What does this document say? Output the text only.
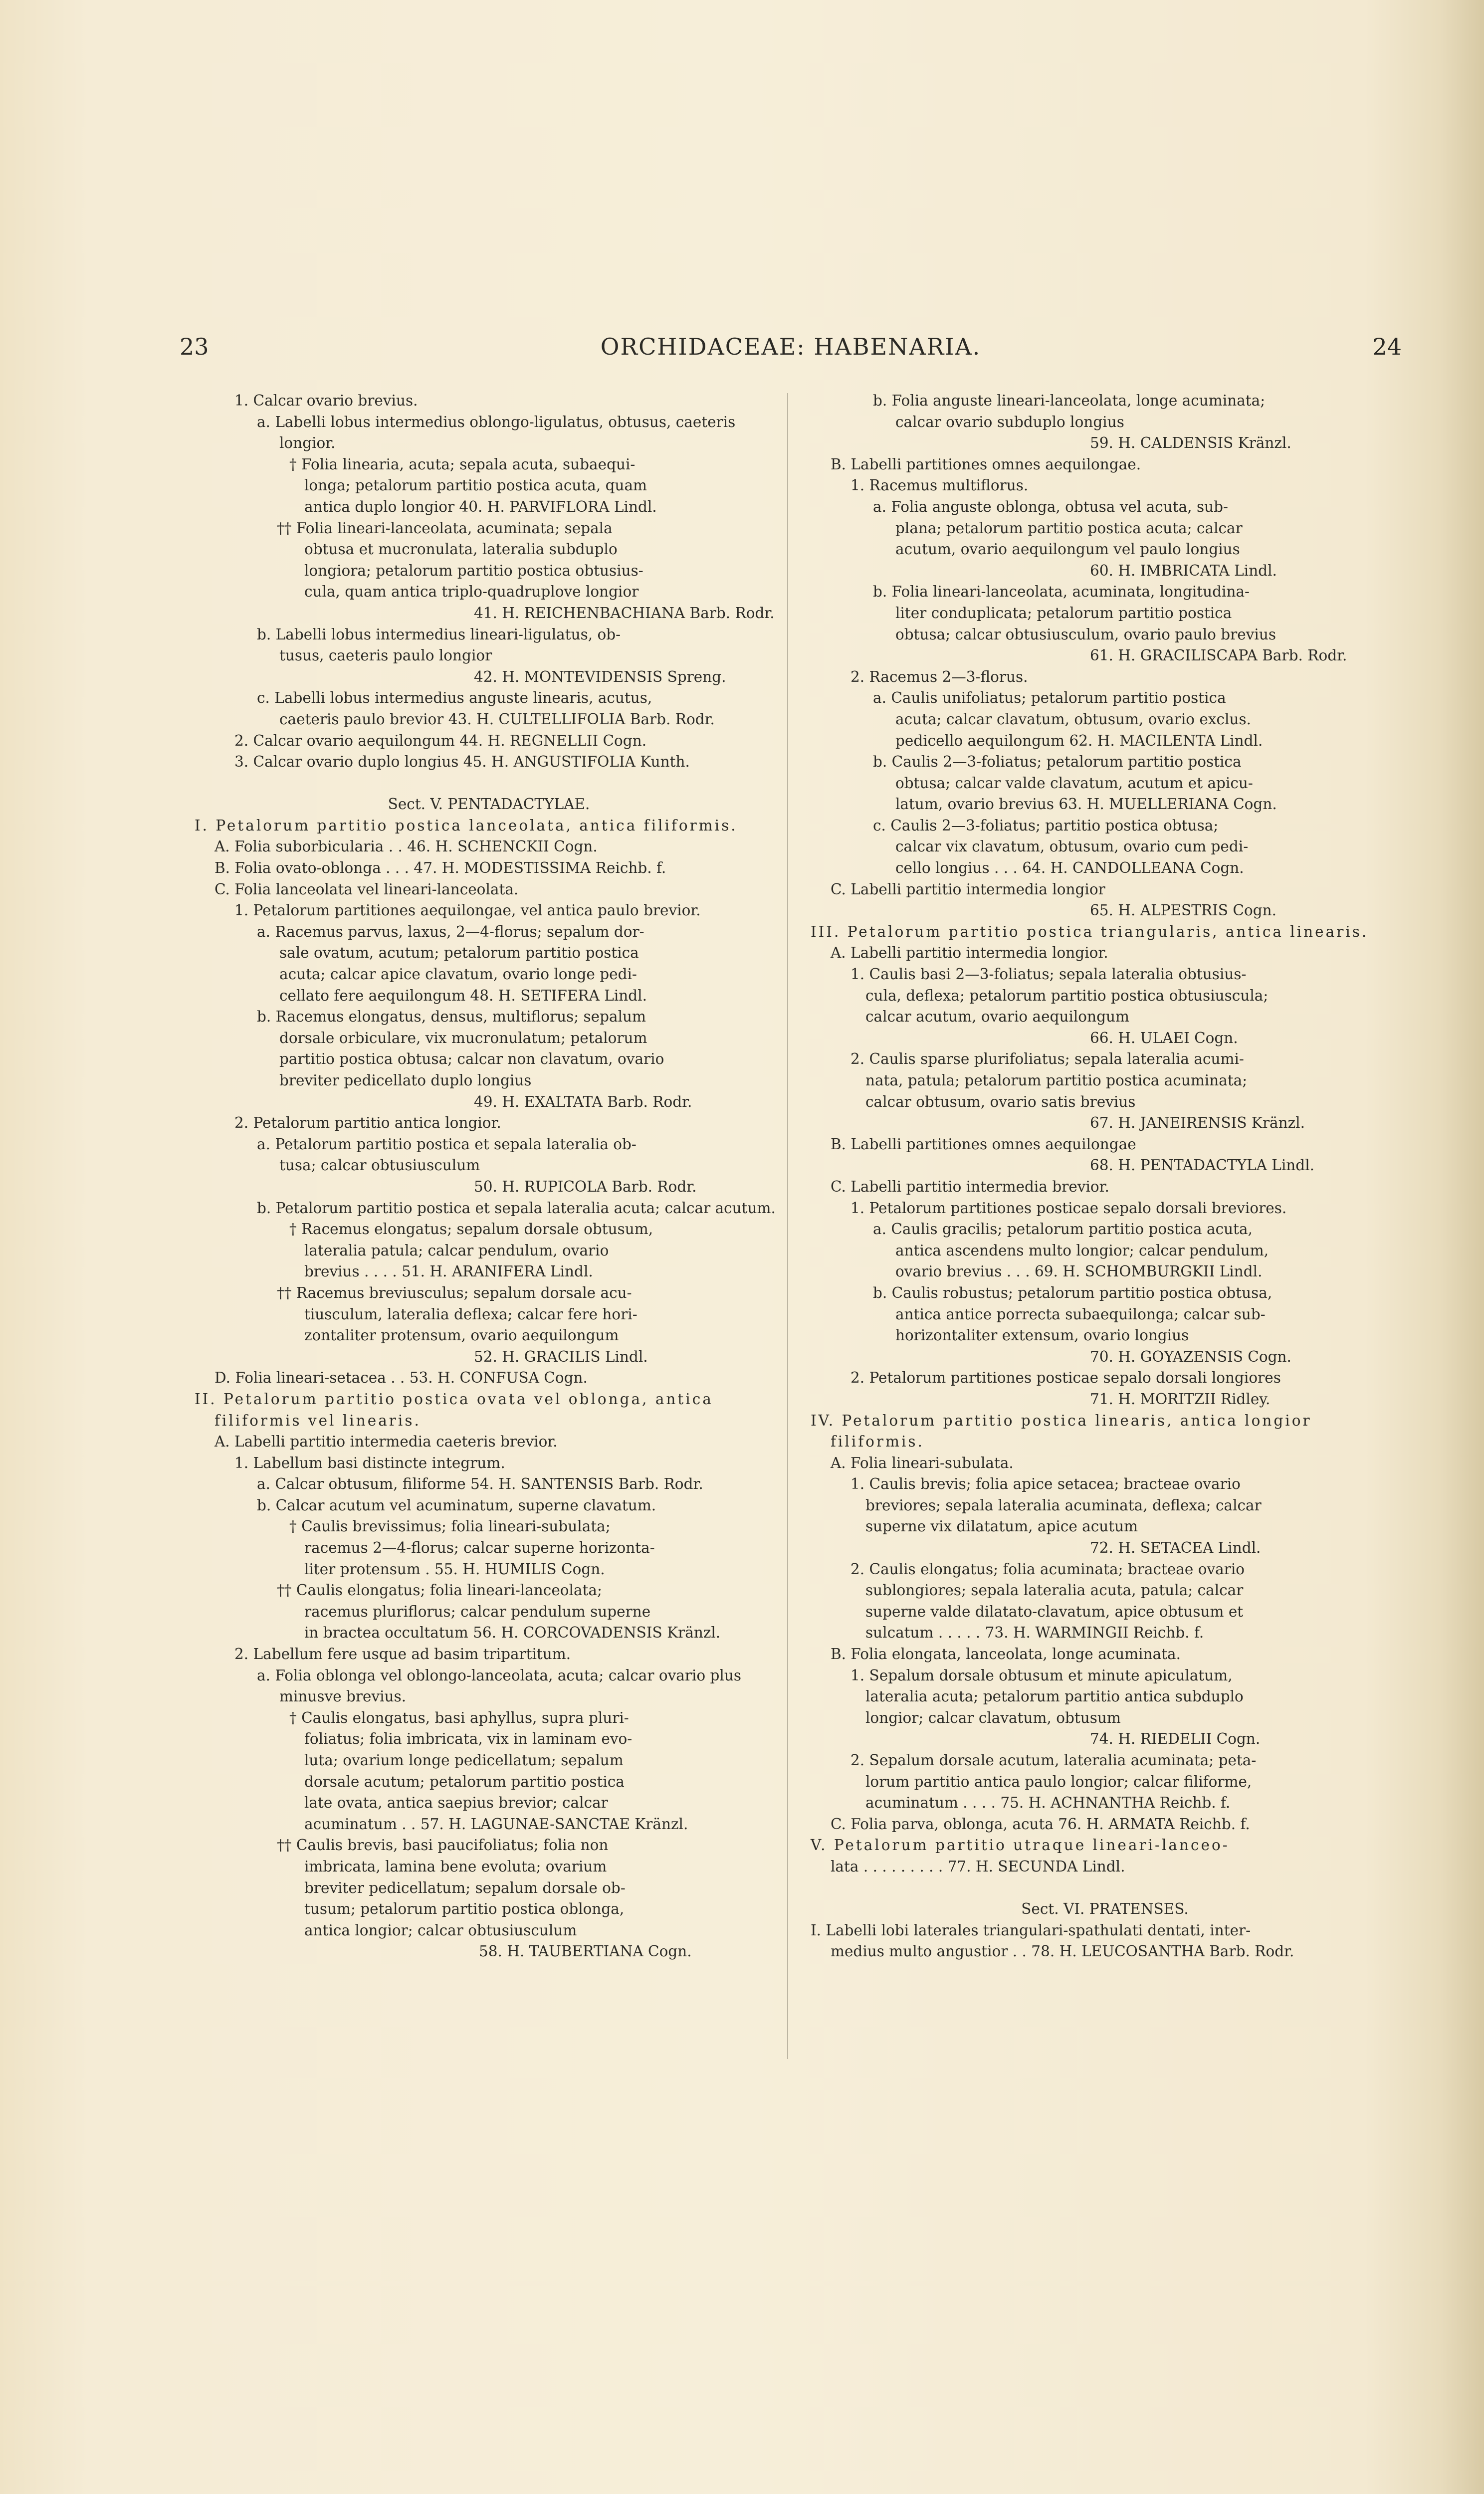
23	ORCHIDACEAE: HABENARIA.	24
1. Calcar ovario brevius.
a. Labelli lobus intermedius oblongo-ligulatus, obtusus, caeteris
longior.
† Folia linearia, acuta; sepala acuta, subaequi-
longa; petalorum partitio postica acuta, quam
antica duplo longior 40. H. PARVIFLORA Lindl.
†† Folia lineari-lanceolata, acuminata; sepala
obtusa et mucronulata, lateralia subduplo
longiora; petalorum partitio postica obtusius-
cula, quam antica triplo-quadruplove longior
41. H. REICHENBACHIANA Barb. Rodr.
b. Labelli lobus intermedius lineari-ligulatus, ob-
tusus, caeteris paulo longior
42. H. MONTEVIDENSIS Spreng.
c. Labelli lobus intermedius anguste linearis, acutus,
caeteris paulo brevior 43. H. CULTELLIFOLIA Barb. Rodr.
2. Calcar ovario aequilongum 44. H. REGNELLII Cogn.
3. Calcar ovario duplo longius 45. H. ANGUSTIFOLIA Kunth.
Sect. V. PENTADACTYLAE.
I. Petalorum partitio postica lanceolata, antica filiformis.
A. Folia suborbicularia . . 46. H. SCHENCKII Cogn.
B. Folia ovato-oblonga . . . 47. H. MODESTISSIMA Reichb. f.
C. Folia lanceolata vel lineari-lanceolata.
1. Petalorum partitiones aequilongae, vel antica paulo brevior.
a. Racemus parvus, laxus, 2—4-florus; sepalum dor-
sale ovatum, acutum; petalorum partitio postica
acuta; calcar apice clavatum, ovario longe pedi-
cellato fere aequilongum 48. H. SETIFERA Lindl.
b. Racemus elongatus, densus, multiflorus; sepalum
dorsale orbiculare, vix mucronulatum; petalorum
partitio postica obtusa; calcar non clavatum, ovario
breviter pedicellato duplo longius
49. H. EXALTATA Barb. Rodr.
2. Petalorum partitio antica longior.
a. Petalorum partitio postica et sepala lateralia ob-
tusa; calcar obtusiusculum
50. H. RUPICOLA Barb. Rodr.
b. Petalorum partitio postica et sepala lateralia acuta; calcar acutum.
† Racemus elongatus; sepalum dorsale obtusum,
lateralia patula; calcar pendulum, ovario
brevius . . . . 51. H. ARANIFERA Lindl.
†† Racemus breviusculus; sepalum dorsale acu-
tiusculum, lateralia deflexa; calcar fere hori-
zontaliter protensum, ovario aequilongum
52. H. GRACILIS Lindl.
D. Folia lineari-setacea . . 53. H. CONFUSA Cogn.
II. Petalorum partitio postica ovata vel oblonga, antica
filiformis vel linearis.
A. Labelli partitio intermedia caeteris brevior.
1. Labellum basi distincte integrum.
a. Calcar obtusum, filiforme 54. H. SANTENSIS Barb. Rodr.
b. Calcar acutum vel acuminatum, superne clavatum.
† Caulis brevissimus; folia lineari-subulata;
racemus 2—4-florus; calcar superne horizonta-
liter protensum . 55. H. HUMILIS Cogn.
†† Caulis elongatus; folia lineari-lanceolata;
racemus pluriflorus; calcar pendulum superne
in bractea occultatum 56. H. CORCOVADENSIS Kränzl.
2. Labellum fere usque ad basim tripartitum.
a. Folia oblonga vel oblongo-lanceolata, acuta; calcar ovario plus
minusve brevius.
† Caulis elongatus, basi aphyllus, supra pluri-
foliatus; folia imbricata, vix in laminam evo-
luta; ovarium longe pedicellatum; sepalum
dorsale acutum; petalorum partitio postica
late ovata, antica saepius brevior; calcar
acuminatum . . 57. H. LAGUNAE-SANCTAE Kränzl.
†† Caulis brevis, basi paucifoliatus; folia non
imbricata, lamina bene evoluta; ovarium
breviter pedicellatum; sepalum dorsale ob-
tusum; petalorum partitio postica oblonga,
antica longior; calcar obtusiusculum
58. H. TAUBERTIANA Cogn.
b. Folia anguste lineari-lanceolata, longe acuminata;
calcar ovario subduplo longius
59. H. CALDENSIS Kränzl.
B. Labelli partitiones omnes aequilongae.
1. Racemus multiflorus.
a. Folia anguste oblonga, obtusa vel acuta, sub-
plana; petalorum partitio postica acuta; calcar
acutum, ovario aequilongum vel paulo longius
60. H. IMBRICATA Lindl.
b. Folia lineari-lanceolata, acuminata, longitudina-
liter conduplicata; petalorum partitio postica
obtusa; calcar obtusiusculum, ovario paulo brevius
61. H. GRACILISCAPA Barb. Rodr.
2. Racemus 2—3-florus.
a. Caulis unifoliatus; petalorum partitio postica
acuta; calcar clavatum, obtusum, ovario exclus.
pedicello aequilongum 62. H. MACILENTA Lindl.
b. Caulis 2—3-foliatus; petalorum partitio postica
obtusa; calcar valde clavatum, acutum et apicu-
latum, ovario brevius 63. H. MUELLERIANA Cogn.
c. Caulis 2—3-foliatus; partitio postica obtusa;
calcar vix clavatum, obtusum, ovario cum pedi-
cello longius . . . 64. H. CANDOLLEANA Cogn.
C. Labelli partitio intermedia longior
65. H. ALPESTRIS Cogn.
III. Petalorum partitio postica triangularis, antica linearis.
A. Labelli partitio intermedia longior.
1. Caulis basi 2—3-foliatus; sepala lateralia obtusius-
cula, deflexa; petalorum partitio postica obtusiuscula;
calcar acutum, ovario aequilongum
66. H. ULAEI Cogn.
2. Caulis sparse plurifoliatus; sepala lateralia acumi-
nata, patula; petalorum partitio postica acuminata;
calcar obtusum, ovario satis brevius
67. H. JANEIRENSIS Kränzl.
B. Labelli partitiones omnes aequilongae
68. H. PENTADACTYLA Lindl.
C. Labelli partitio intermedia brevior.
1. Petalorum partitiones posticae sepalo dorsali breviores.
a. Caulis gracilis; petalorum partitio postica acuta,
antica ascendens multo longior; calcar pendulum,
ovario brevius . . . 69. H. SCHOMBURGKII Lindl.
b. Caulis robustus; petalorum partitio postica obtusa,
antica antice porrecta subaequilonga; calcar sub-
horizontaliter extensum, ovario longius
70. H. GOYAZENSIS Cogn.
2. Petalorum partitiones posticae sepalo dorsali longiores
71. H. MORITZII Ridley.
IV. Petalorum partitio postica linearis, antica longior
filiformis.
A. Folia lineari-subulata.
1. Caulis brevis; folia apice setacea; bracteae ovario
breviores; sepala lateralia acuminata, deflexa; calcar
superne vix dilatatum, apice acutum
72. H. SETACEA Lindl.
2. Caulis elongatus; folia acuminata; bracteae ovario
sublongiores; sepala lateralia acuta, patula; calcar
superne valde dilatato-clavatum, apice obtusum et
sulcatum . . . . . 73. H. WARMINGII Reichb. f.
B. Folia elongata, lanceolata, longe acuminata.
1. Sepalum dorsale obtusum et minute apiculatum,
lateralia acuta; petalorum partitio antica subduplo
longior; calcar clavatum, obtusum
74. H. RIEDELII Cogn.
2. Sepalum dorsale acutum, lateralia acuminata; peta-
lorum partitio antica paulo longior; calcar filiforme,
acuminatum . . . . 75. H. ACHNANTHA Reichb. f.
C. Folia parva, oblonga, acuta 76. H. ARMATA Reichb. f.
V. Petalorum partitio utraque lineari-lanceo-
lata . . . . . . . . . 77. H. SECUNDA Lindl.
Sect. VI. PRATENSES.
I. Labelli lobi laterales triangulari-spathulati dentati, inter-
medius multo angustior . . 78. H. LEUCOSANTHA Barb. Rodr.
